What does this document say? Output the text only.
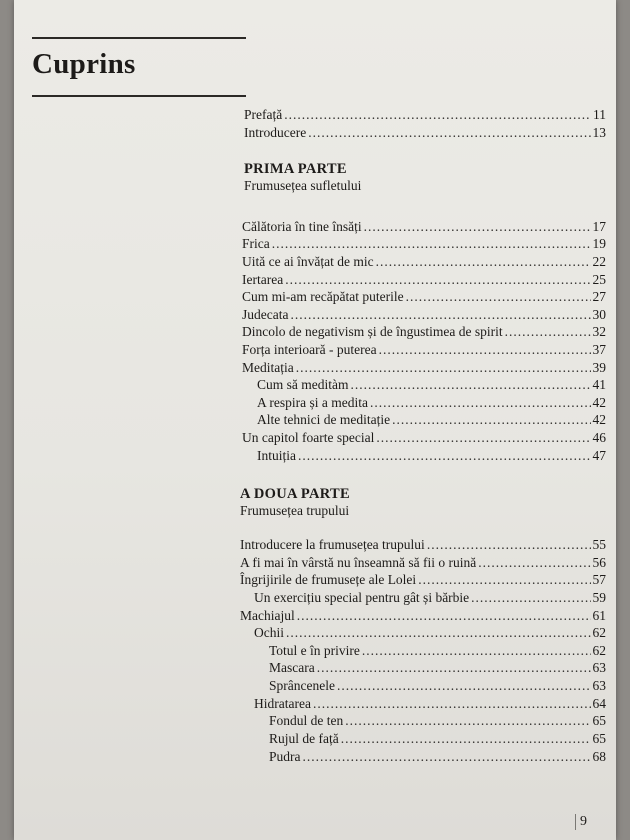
Cuprins
Prefață .....	11
Introducere .....	13
PRIMA PARTE
Frumusețea sufletului
Călătoria în tine însăți .....	17
Frica .....	19
Uită ce ai învățat de mic .....	22
Iertarea .....	25
Cum mi-am recăpătat puterile .....	27
Judecata .....	30
Dincolo de negativism și de îngustimea de spirit .....	32
Forța interioară - puterea .....	37
Meditația .....	39
Cum să meditàm .....	41
A respira și a medita .....	42
Alte tehnici de meditație .....	42
Un capitol foarte special .....	46
Intuiția .....	47
A DOUA PARTE
Frumusețea trupului
Introducere la frumusețea trupului .....	55
A fi mai în vârstă nu înseamnă să fii o ruină .....	56
Îngrijirile de frumusețe ale Lolei .....	57
Un exercițiu special pentru gât și bărbie .....	59
Machiajul .....	61
Ochii .....	62
Totul e în privire .....	62
Mascara .....	63
Sprâncenele .....	63
Hidratarea .....	64
Fondul de ten .....	65
Rujul de față .....	65
Pudra .....	68
9
